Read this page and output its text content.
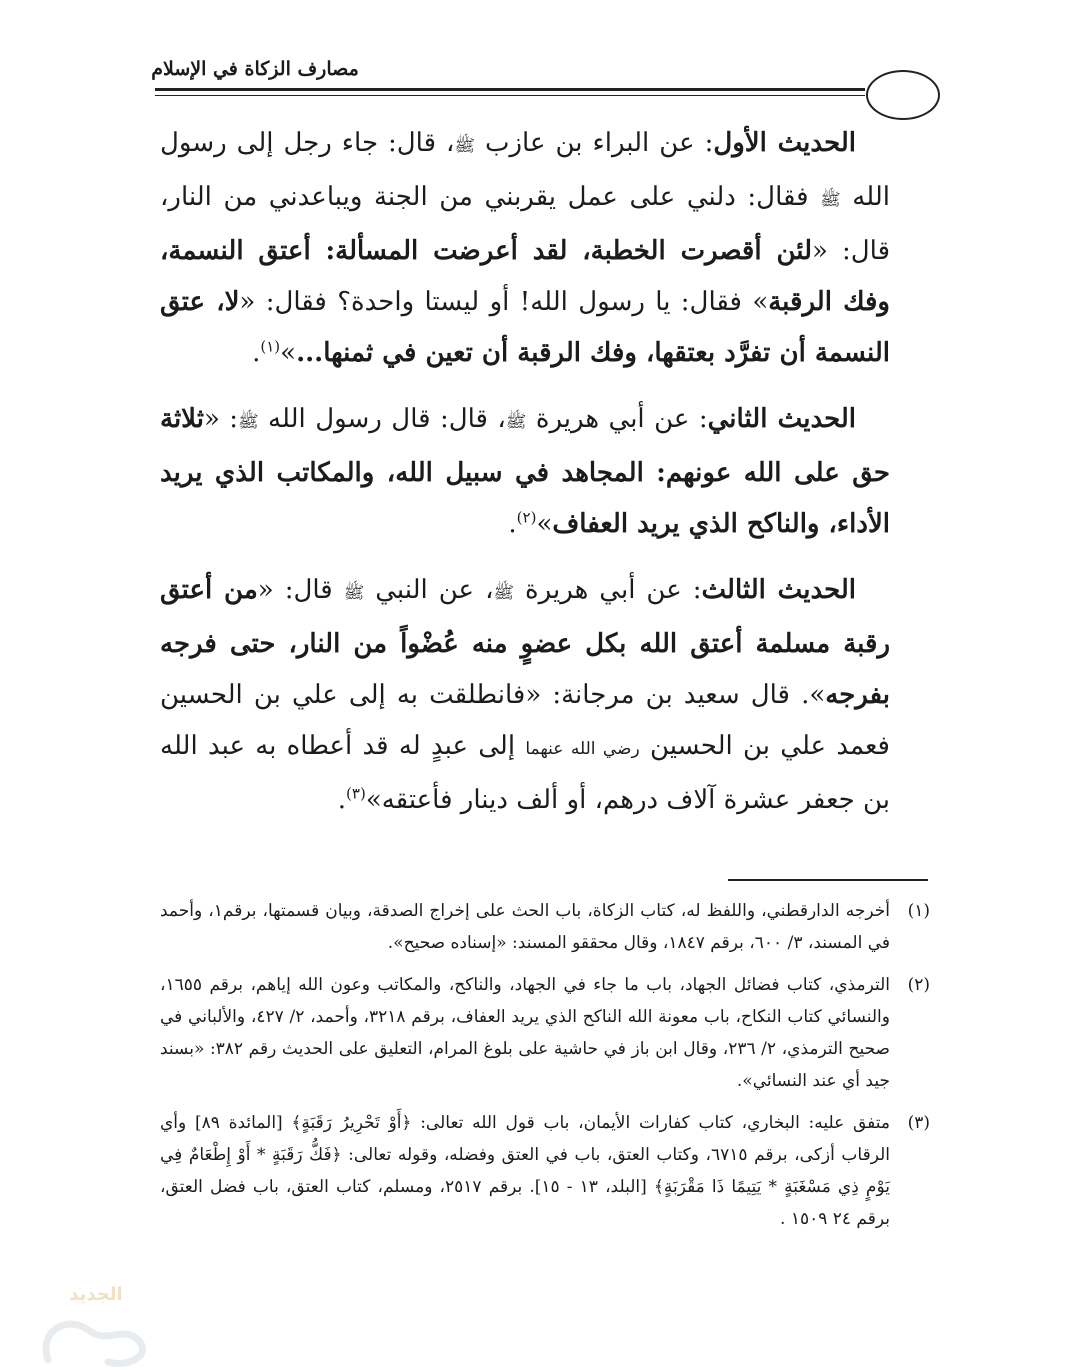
مصارف الزكاة في الإسلام

الحديث الأول: عن البراء بن عازب ﷺ، قال: جاء رجل إلى رسول الله ﷺ فقال: دلني على عمل يقربني من الجنة ويباعدني من النار، قال: «لئن أقصرت الخطبة، لقد أعرضت المسألة: أعتق النسمة، وفك الرقبة» فقال: يا رسول الله! أو ليستا واحدة؟ فقال: «لا، عتق النسمة أن تفرَّد بعتقها، وفك الرقبة أن تعين في ثمنها...»$^{(١)}$.

الحديث الثاني: عن أبي هريرة ﷺ، قال: قال رسول الله ﷺ: «ثلاثة حق على الله عونهم: المجاهد في سبيل الله، والمكاتب الذي يريد الأداء، والناكح الذي يريد العفاف»$^{(٢)}$.

الحديث الثالث: عن أبي هريرة ﷺ، عن النبي ﷺ قال: «من أعتق رقبة مسلمة أعتق الله بكل عضوٍ منه عُضْواً من النار، حتى فرجه بفرجه». قال سعيد بن مرجانة: «فانطلقت به إلى علي بن الحسين فعمد علي بن الحسين رضي الله عنهما إلى عبدٍ له قد أعطاه به عبد الله بن جعفر عشرة آلاف درهم، أو ألف دينار فأعتقه»$^{(٣)}$.

(١)
أخرجه الدارقطني، واللفظ له، كتاب الزكاة، باب الحث على إخراج الصدقة، وبيان قسمتها، برقم١، وأحمد في المسند، ٣/ ٦٠٠، برقم ١٨٤٧، وقال محققو المسند: «إسناده صحيح».

(٢)
الترمذي، كتاب فضائل الجهاد، باب ما جاء في الجهاد، والناكح، والمكاتب وعون الله إياهم، برقم ١٦٥٥، والنسائي كتاب النكاح، باب معونة الله الناكح الذي يريد العفاف، برقم ٣٢١٨، وأحمد، ٢/ ٤٢٧، والألباني في صحيح الترمذي، ٢/ ٢٣٦، وقال ابن باز في حاشية على بلوغ المرام، التعليق على الحديث رقم ٣٨٢: «بسند جيد أي عند النسائي».

(٣)
متفق عليه: البخاري، كتاب كفارات الأيمان، باب قول الله تعالى: ﴿أَوْ تَحْرِيرُ رَقَبَةٍ﴾ [المائدة ٨٩] وأي الرقاب أزكى، برقم ٦٧١٥، وكتاب العتق، باب في العتق وفضله، وقوله تعالى: ﴿فَكُّ رَقَبَةٍ * أَوْ إِطْعَامٌ فِي يَوْمٍ ذِي مَسْغَبَةٍ * يَتِيمًا ذَا مَقْرَبَةٍ﴾ [البلد، ١٣ - ١٥]. برقم ٢٥١٧، ومسلم، كتاب العتق، باب فضل العتق، برقم ٢٤ ١٥٠٩ .

الجديد
